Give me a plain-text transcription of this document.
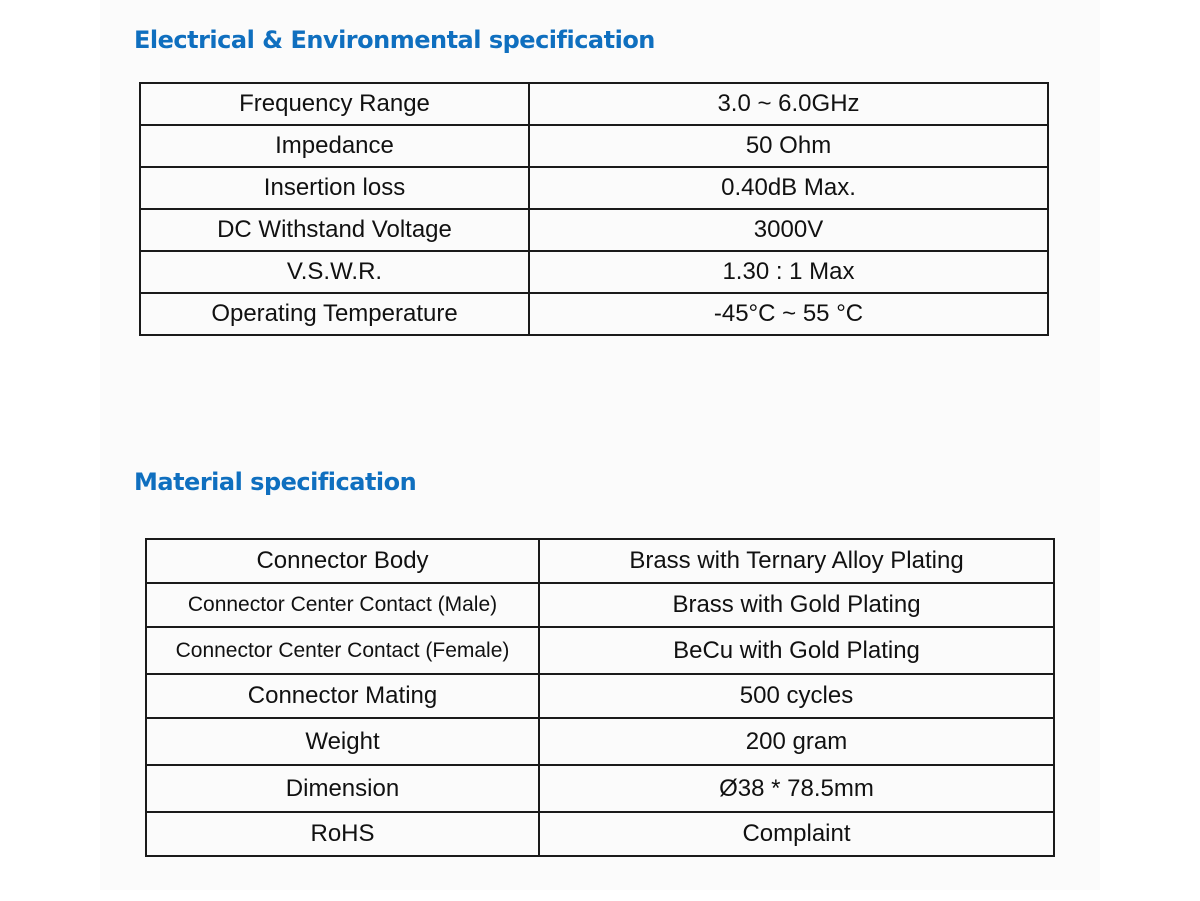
Electrical & Environmental specification
Frequency Range	3.0 ~ 6.0GHz
Impedance	50 Ohm
Insertion loss	0.40dB Max.
DC Withstand Voltage	3000V
V.S.W.R.	1.30 : 1 Max
Operating Temperature	-45°C ~ 55 °C
Material specification
Connector Body	Brass with Ternary Alloy Plating
Connector Center Contact (Male)	Brass with Gold Plating
Connector Center Contact (Female)	BeCu with Gold Plating
Connector Mating	500 cycles
Weight	200 gram
Dimension	Ø38 * 78.5mm
RoHS	Complaint
